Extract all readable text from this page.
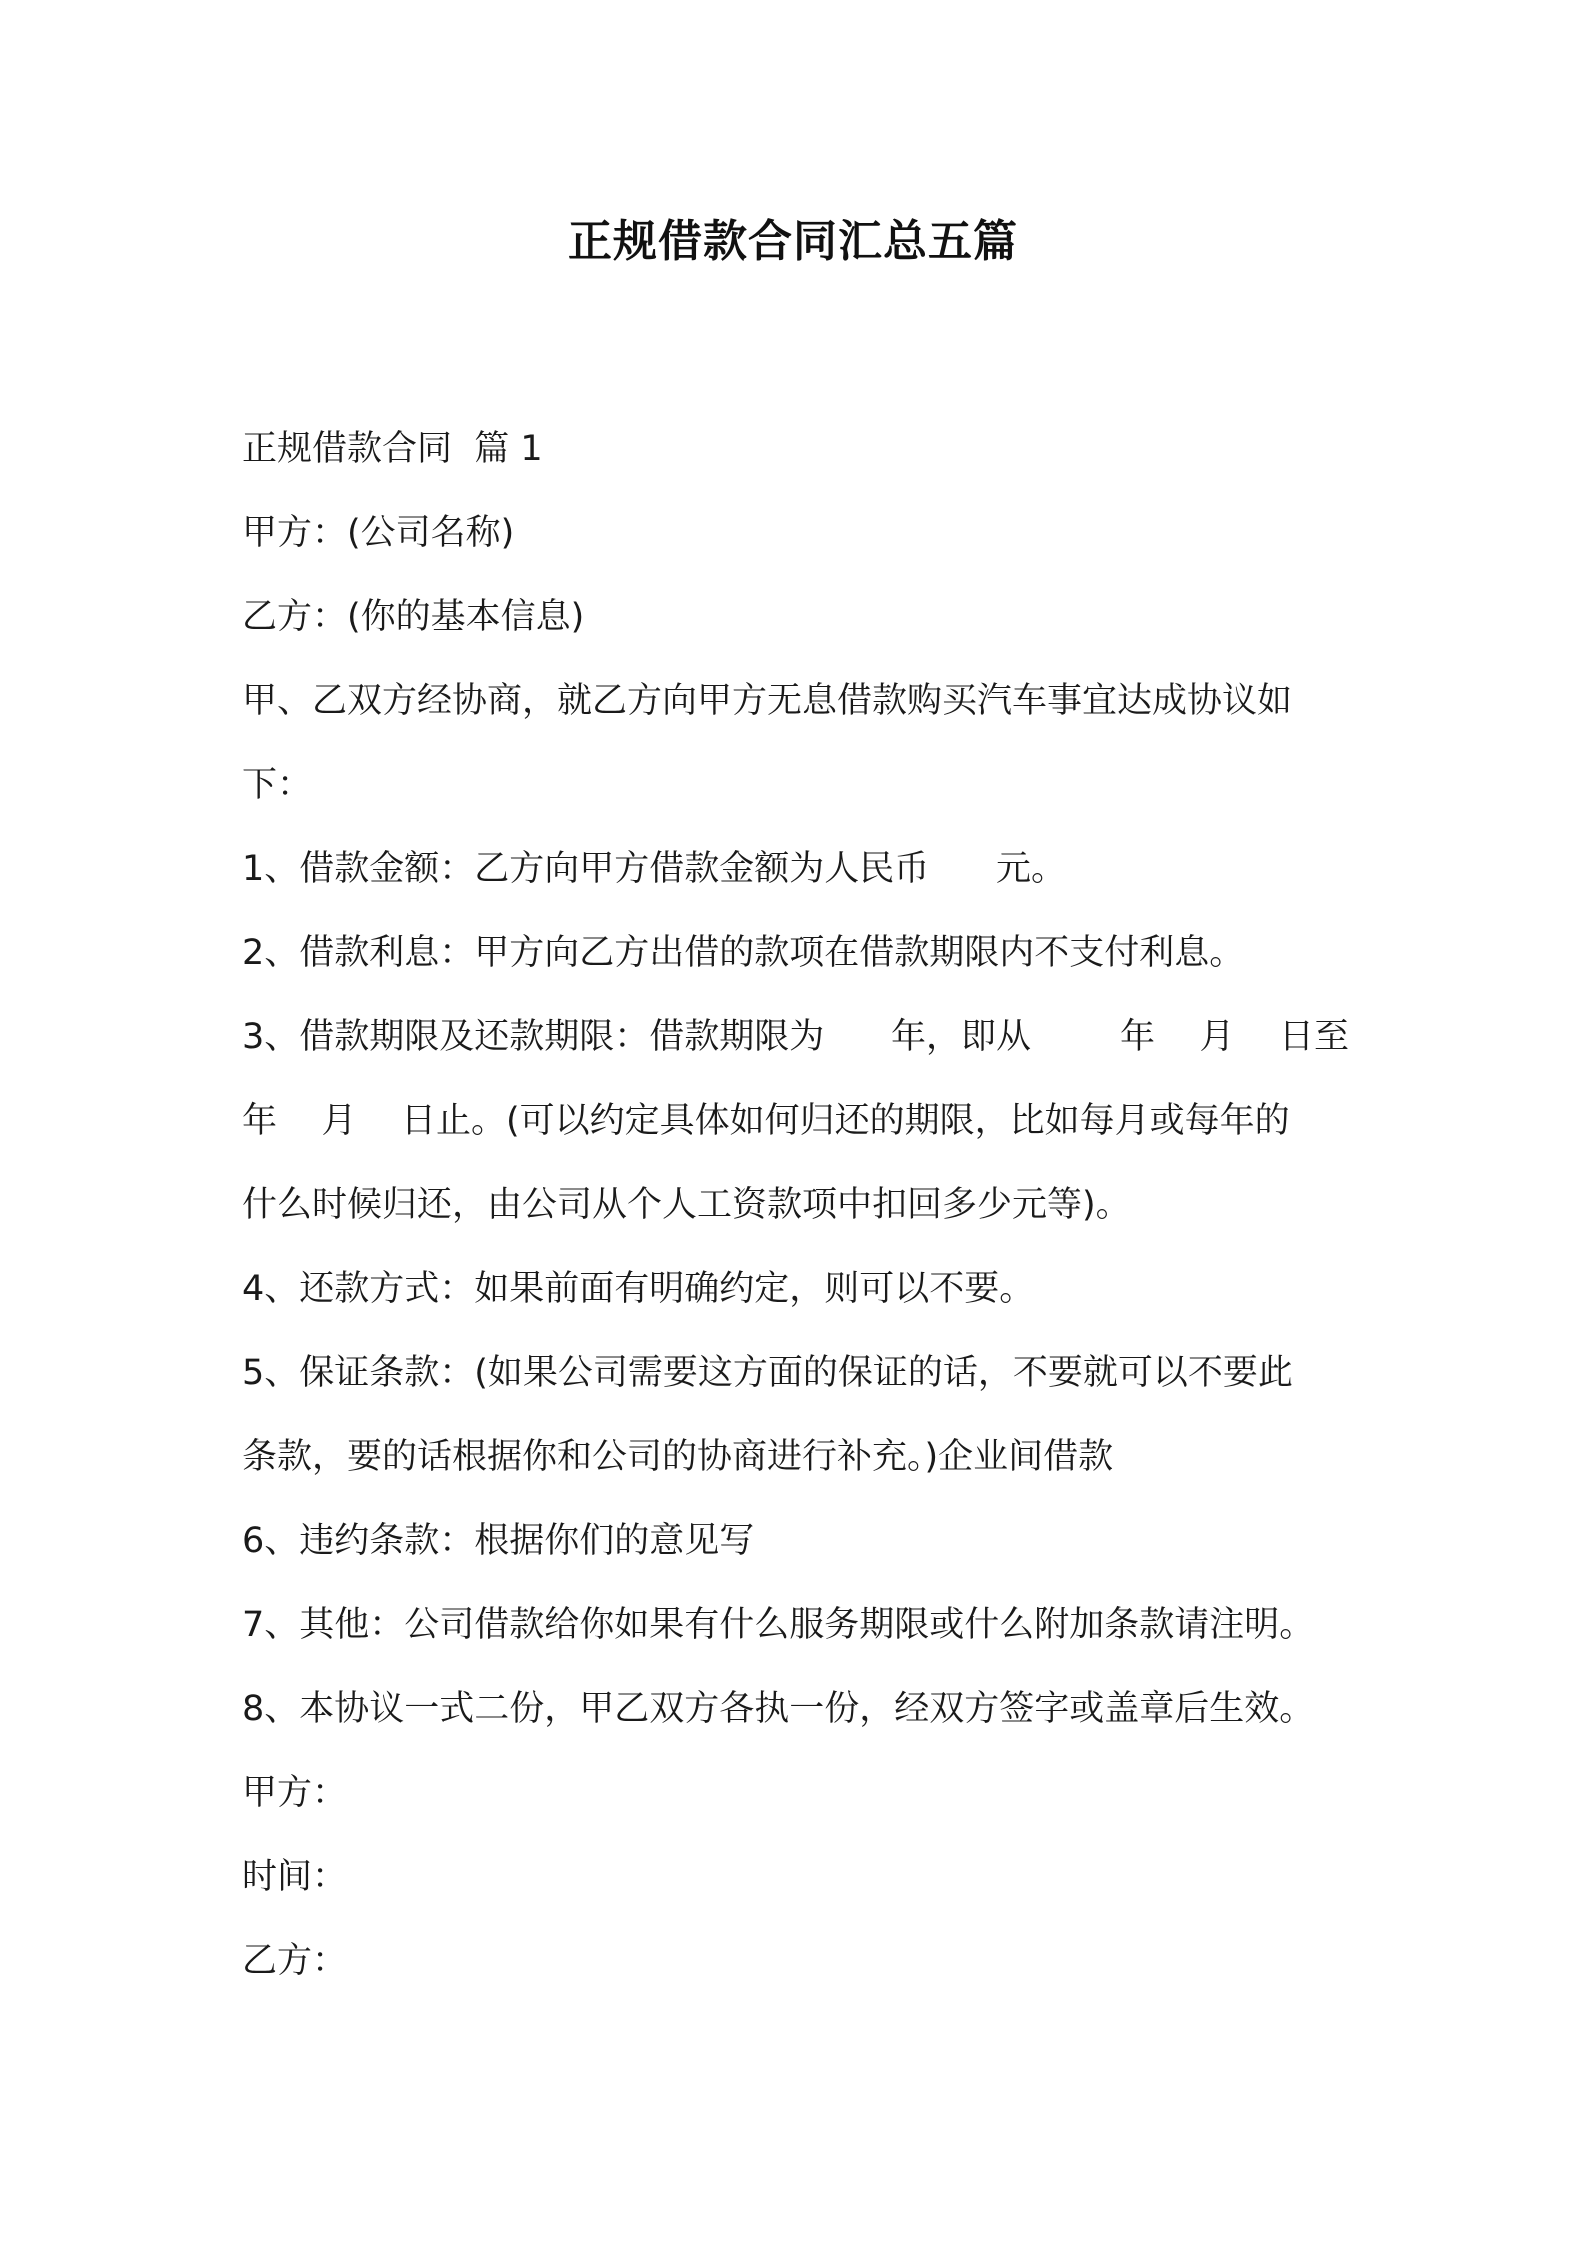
正规借款合同汇总五篇
正规借款合同  篇 1
甲方：(公司名称)
乙方：(你的基本信息)
甲、乙双方经协商，就乙方向甲方无息借款购买汽车事宜达成协议如
下：
1、借款金额：乙方向甲方借款金额为人民币      元。
2、借款利息：甲方向乙方出借的款项在借款期限内不支付利息。
3、借款期限及还款期限：借款期限为      年，即从        年    月    日至
年    月    日止。(可以约定具体如何归还的期限，比如每月或每年的
什么时候归还，由公司从个人工资款项中扣回多少元等)。
4、还款方式：如果前面有明确约定，则可以不要。
5、保证条款：(如果公司需要这方面的保证的话，不要就可以不要此
条款，要的话根据你和公司的协商进行补充。)企业间借款
6、违约条款：根据你们的意见写
7、其他：公司借款给你如果有什么服务期限或什么附加条款请注明。
8、本协议一式二份，甲乙双方各执一份，经双方签字或盖章后生效。
甲方：
时间：
乙方：
